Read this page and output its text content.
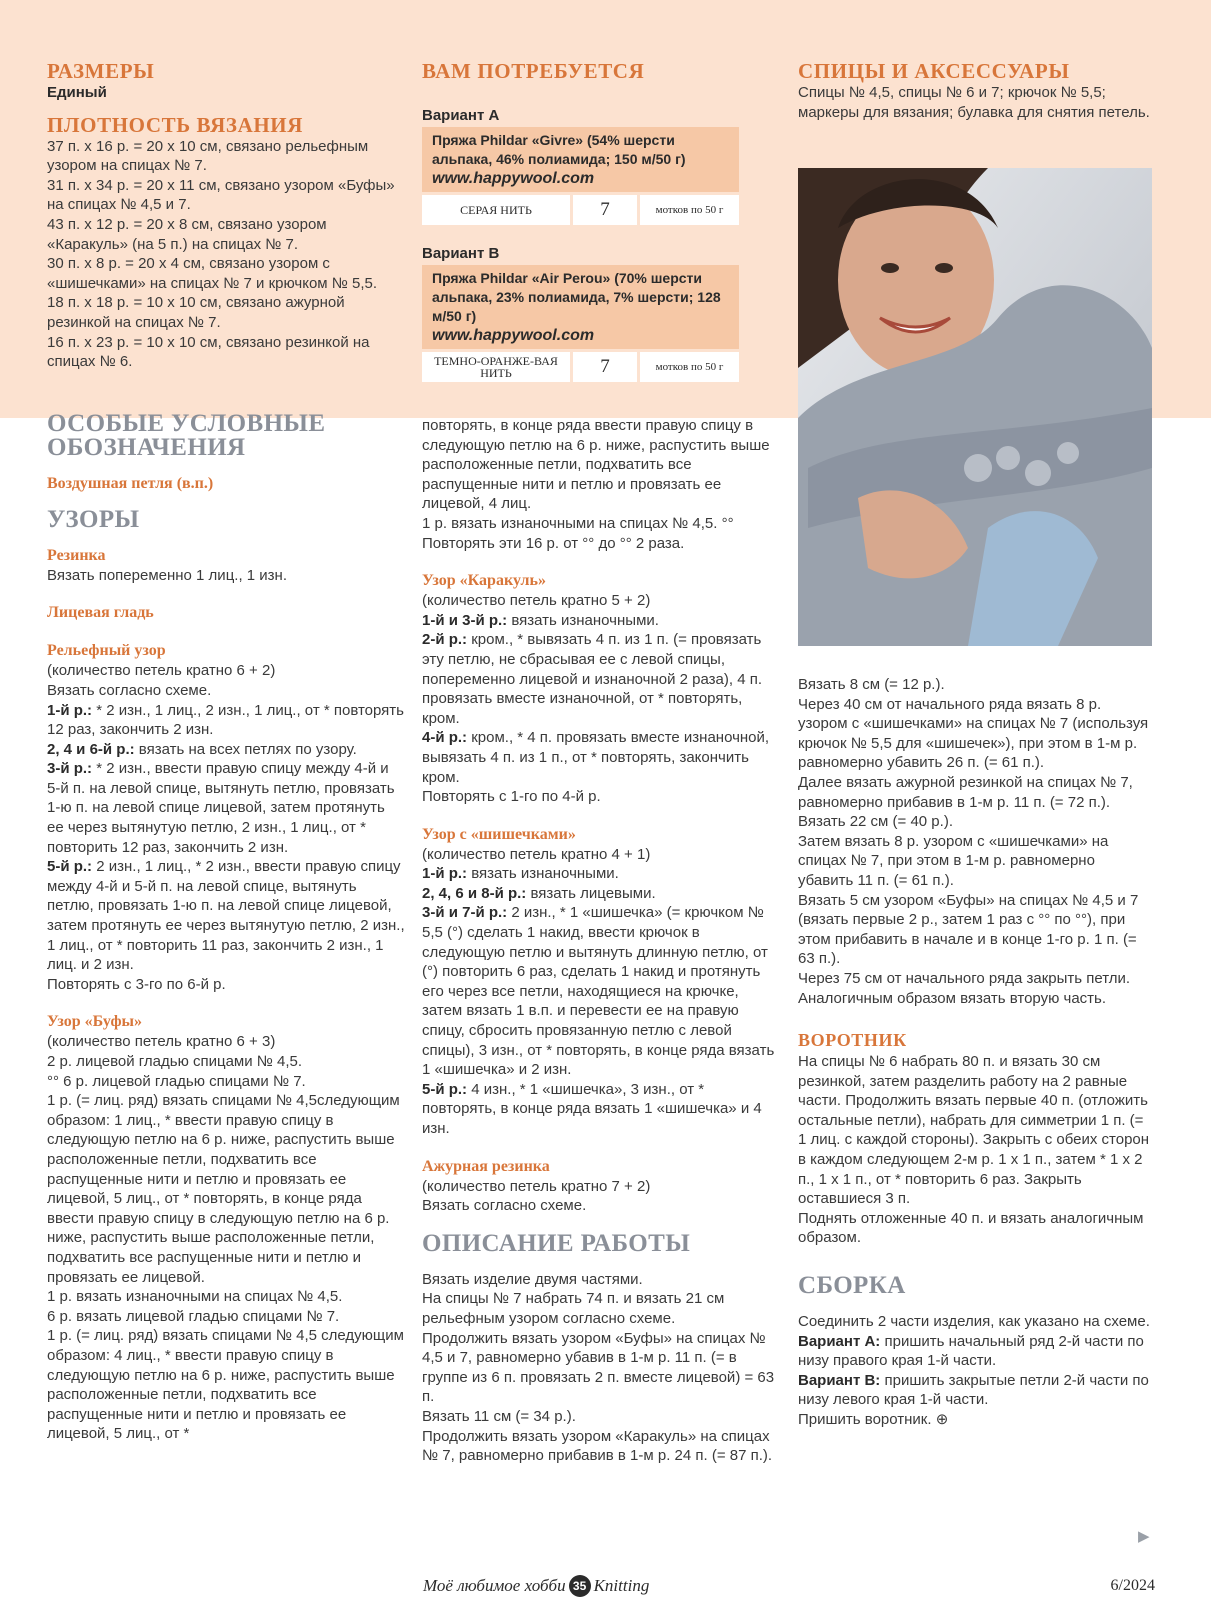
РАЗМЕРЫ

Единый

ПЛОТНОСТЬ ВЯЗАНИЯ

37 п. х 16 р. = 20 х 10 см, связано рельефным узором на спицах № 7.
31 п. х 34 р. = 20 х 11 см, связано узором «Буфы» на спицах № 4,5 и 7.
43 п. х 12 р. = 20 х 8 см, связано узором «Каракуль» (на 5 п.) на спицах № 7.
30 п. х 8 р. = 20 х 4 см, связано узором с «шишечками» на спицах № 7 и крючком № 5,5.
18 п. х 18 р. = 10 х 10 см, связано ажурной резинкой на спицах № 7.
16 п. х 23 р. = 10 х 10 см, связано резинкой на спицах № 6.

ОСОБЫЕ УСЛОВНЫЕ ОБОЗНАЧЕНИЯ

Воздушная петля (в.п.)

УЗОРЫ

Резинка

Вязать попеременно 1 лиц., 1 изн.

Лицевая гладь

Рельефный узор

(количество петель кратно 6 + 2)
Вязать согласно схеме.

1-й р.: * 2 изн., 1 лиц., 2 изн., 1 лиц., от * повторять 12 раз, закончить 2 изн.

2, 4 и 6-й р.: вязать на всех петлях по узору.

3-й р.: * 2 изн., ввести правую спицу между 4-й и 5-й п. на левой спице, вытянуть петлю, провязать 1-ю п. на левой спице лицевой, затем протянуть ее через вытянутую петлю, 2 изн., 1 лиц., от * повторить 12 раз, закончить 2 изн.

5-й р.: 2 изн., 1 лиц., * 2 изн., ввести правую спицу между 4-й и 5-й п. на левой спице, вытянуть петлю, провязать 1-ю п. на левой спице лицевой, затем протянуть ее через вытянутую петлю, 2 изн., 1 лиц., от * повторить 11 раз, закончить 2 изн., 1 лиц. и 2 изн.

Повторять с 3-го по 6-й р.

Узор «Буфы»

(количество петель кратно 6 + 3)
2 р. лицевой гладью спицами № 4,5.
°° 6 р. лицевой гладью спицами № 7.
1 р. (= лиц. ряд) вязать спицами № 4,5следующим образом: 1 лиц., * ввести правую спицу в следующую петлю на 6 р. ниже, распустить выше расположенные петли, подхватить все распущенные нити и петлю и провязать ее лицевой, 5 лиц., от * повторять, в конце ряда ввести правую спицу в следующую петлю на 6 р. ниже, распустить выше расположенные петли, подхватить все распущенные нити и петлю и провязать ее лицевой.
1 р. вязать изнаночными на спицах № 4,5.
6 р. вязать лицевой гладью спицами № 7.
1 р. (= лиц. ряд) вязать спицами № 4,5 следующим образом: 4 лиц., * ввести правую спицу в следующую петлю на 6 р. ниже, распустить выше расположенные петли, подхватить все распущенные нити и петлю и провязать ее лицевой, 5 лиц., от *

ВАМ ПОТРЕБУЕТСЯ

Вариант А

Пряжа Phildar «Givre» (54% шерсти альпака, 46% полиамида; 150 м/50 г)
www.happywool.com
СЕРАЯ НИТЬ	7	мотков по 50 г

Вариант В

Пряжа Phildar «Air Perou» (70% шерсти альпака, 23% полиамида, 7% шерсти; 128 м/50 г)
www.happywool.com
ТЕМНО-ОРАНЖЕ-ВАЯ НИТЬ	7	мотков по 50 г

повторять, в конце ряда ввести правую спицу в следующую петлю на 6 р. ниже, распустить выше расположенные петли, подхватить все распущенные нити и петлю и провязать ее лицевой, 4 лиц.
1 р. вязать изнаночными на спицах № 4,5. °°
Повторять эти 16 р. от °° до °° 2 раза.

Узор «Каракуль»

(количество петель кратно 5 + 2)

1-й и 3-й р.: вязать изнаночными.

2-й р.: кром., * вывязать 4 п. из 1 п. (= провязать эту петлю, не сбрасывая ее с левой спицы, попеременно лицевой и изнаночной 2 раза), 4 п. провязать вместе изнаночной, от * повторять, кром.

4-й р.: кром., * 4 п. провязать вместе изнаночной, вывязать 4 п. из 1 п., от * повторять, закончить кром.

Повторять с 1-го по 4-й р.

Узор с «шишечками»

(количество петель кратно 4 + 1)

1-й р.: вязать изнаночными.

2, 4, 6 и 8-й р.: вязать лицевыми.

3-й и 7-й р.: 2 изн., * 1 «шишечка» (= крючком № 5,5 (°) сделать 1 накид, ввести крючок в следующую петлю и вытянуть длинную петлю, от (°) повторить 6 раз, сделать 1 накид и протянуть его через все петли, находящиеся на крючке, затем вязать 1 в.п. и перевести ее на правую спицу, сбросить провязанную петлю с левой спицы), 3 изн., от * повторять, в конце ряда вязать 1 «шишечка» и 2 изн.

5-й р.: 4 изн., * 1 «шишечка», 3 изн., от * повторять, в конце ряда вязать 1 «шишечка» и 4 изн.

Ажурная резинка

(количество петель кратно 7 + 2)
Вязать согласно схеме.

ОПИСАНИЕ РАБОТЫ

Вязать изделие двумя частями.
На спицы № 7 набрать 74 п. и вязать 21 см рельефным узором согласно схеме.
Продолжить вязать узором «Буфы» на спицах № 4,5 и 7, равномерно убавив в 1-м р. 11 п. (= в группе из 6 п. провязать 2 п. вместе лицевой) = 63 п.
Вязать 11 см (= 34 р.).
Продолжить вязать узором «Каракуль» на спицах № 7, равномерно прибавив в 1-м р. 24 п. (= 87 п.).

СПИЦЫ И АКСЕССУАРЫ

Спицы № 4,5, спицы № 6 и 7; крючок № 5,5; маркеры для вязания; булавка для снятия петель.

Вязать 8 см (= 12 р.).
Через 40 см от начального ряда вязать 8 р. узором с «шишечками» на спицах № 7 (используя крючок № 5,5 для «шишечек»), при этом в 1-м р. равномерно убавить 26 п. (= 61 п.).
Далее вязать ажурной резинкой на спицах № 7, равномерно прибавив в 1-м р. 11 п. (= 72 п.).
Вязать 22 см (= 40 р.).
Затем вязать 8 р. узором с «шишечками» на спицах № 7, при этом в 1-м р. равномерно убавить 11 п. (= 61 п.).
Вязать 5 см узором «Буфы» на спицах № 4,5 и 7 (вязать первые 2 р., затем 1 раз с °° по °°), при этом прибавить в начале и в конце 1-го р. 1 п. (= 63 п.).
Через 75 см от начального ряда закрыть петли.
Аналогичным образом вязать вторую часть.

ВОРОТНИК

На спицы № 6 набрать 80 п. и вязать 30 см резинкой, затем разделить работу на 2 равные части. Продолжить вязать первые 40 п. (отложить остальные петли), набрать для симметрии 1 п. (= 1 лиц. с каждой стороны). Закрыть с обеих сторон в каждом следующем 2-м р. 1 х 1 п., затем * 1 х 2 п., 1 х 1 п., от * повторить 6 раз. Закрыть оставшиеся 3 п.
Поднять отложенные 40 п. и вязать аналогичным образом.

СБОРКА

Соединить 2 части изделия, как указано на схеме.

Вариант А: пришить начальный ряд 2-й части по низу правого края 1-й части.

Вариант В: пришить закрытые петли 2-й части по низу левого края 1-й части.

Пришить воротник. ⊕

▶
Моё любимое хобби 35 Knitting	6/2024
